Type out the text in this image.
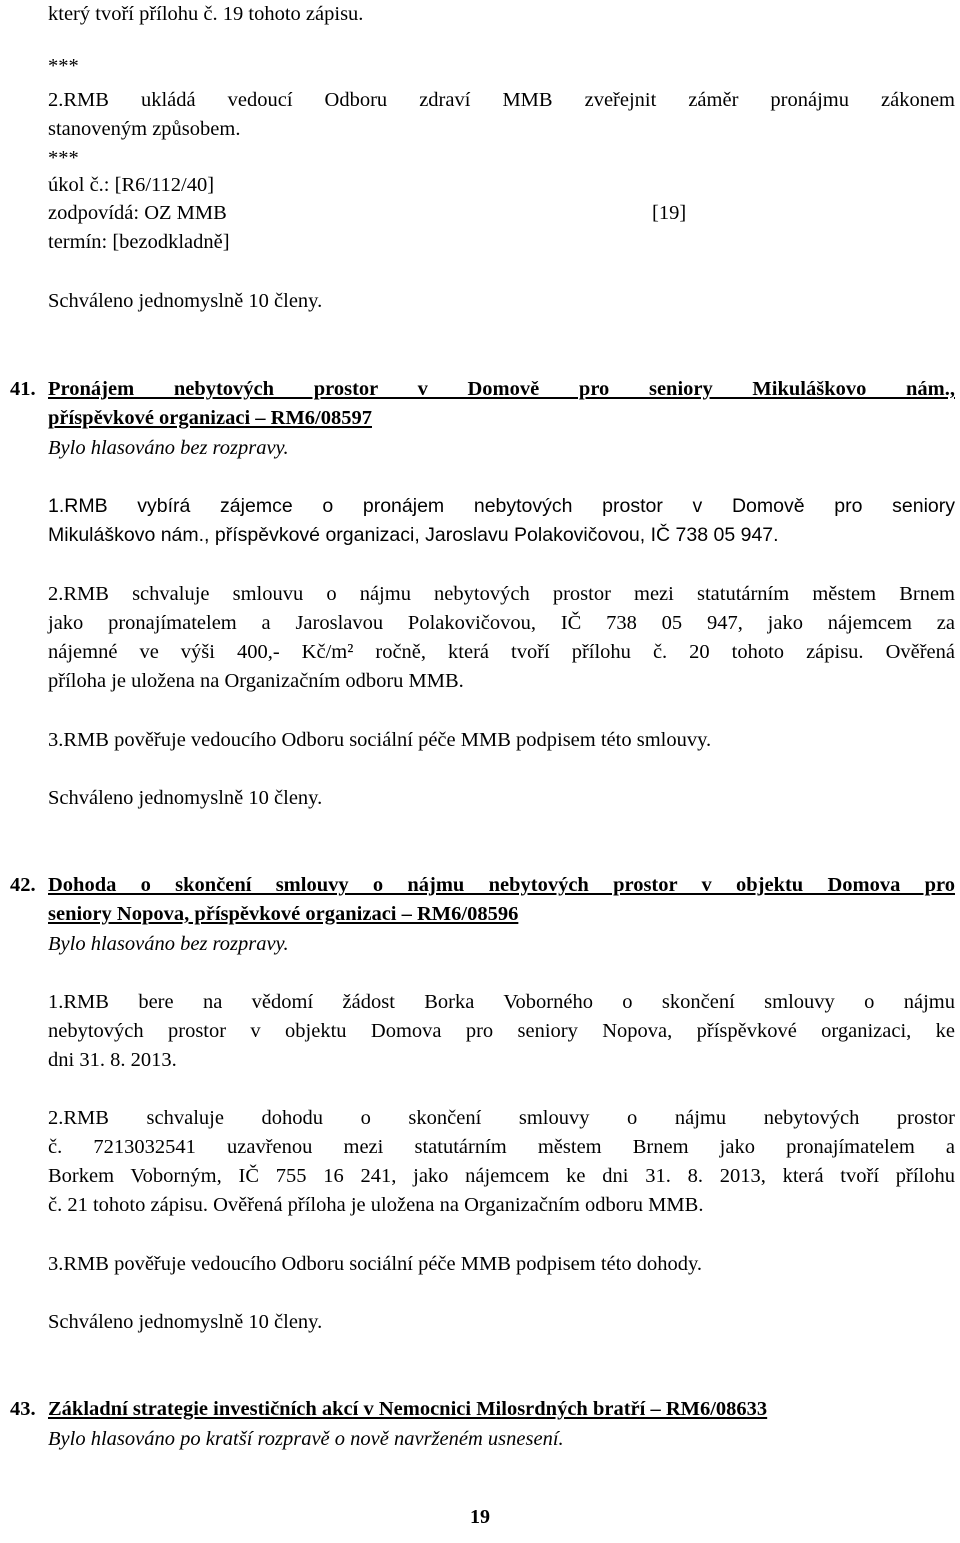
který tvoří přílohu č. 19 tohoto zápisu.
***
2.RMB ukládá vedoucí Odboru zdraví MMB zveřejnit záměr pronájmu zákonem
stanoveným způsobem.
***
úkol č.: [R6/112/40]
zodpovídá: OZ MMB	[19]
termín: [bezodkladně]
Schváleno jednomyslně 10 členy.
41. Pronájem nebytových prostor v Domově pro seniory Mikuláškovo nám.,
příspěvkové organizaci – RM6/08597
Bylo hlasováno bez rozpravy.
1.RMB vybírá zájemce o pronájem nebytových prostor v Domově pro seniory
Mikuláškovo nám., příspěvkové organizaci, Jaroslavu Polakovičovou, IČ 738 05 947.
2.RMB schvaluje smlouvu o nájmu nebytových prostor mezi statutárním městem Brnem
jako pronajímatelem a Jaroslavou Polakovičovou, IČ 738 05 947, jako nájemcem za
nájemné ve výši 400,- Kč/m² ročně, která tvoří přílohu č. 20 tohoto zápisu. Ověřená
příloha je uložena na Organizačním odboru MMB.
3.RMB pověřuje vedoucího Odboru sociální péče MMB podpisem této smlouvy.
Schváleno jednomyslně 10 členy.
42. Dohoda o skončení smlouvy o nájmu nebytových prostor v objektu Domova pro
seniory Nopova, příspěvkové organizaci – RM6/08596
Bylo hlasováno bez rozpravy.
1.RMB bere na vědomí žádost Borka Voborného o skončení smlouvy o nájmu
nebytových prostor v objektu Domova pro seniory Nopova, příspěvkové organizaci, ke
dni 31. 8. 2013.
2.RMB schvaluje dohodu o skončení smlouvy o nájmu nebytových prostor
č. 7213032541 uzavřenou mezi statutárním městem Brnem jako pronajímatelem a
Borkem Voborným, IČ 755 16 241, jako nájemcem ke dni 31. 8. 2013, která tvoří přílohu
č. 21 tohoto zápisu. Ověřená příloha je uložena na Organizačním odboru MMB.
3.RMB pověřuje vedoucího Odboru sociální péče MMB podpisem této dohody.
Schváleno jednomyslně 10 členy.
43. Základní strategie investičních akcí v Nemocnici Milosrdných bratří – RM6/08633
Bylo hlasováno po kratší rozpravě o nově navrženém usnesení.
19
